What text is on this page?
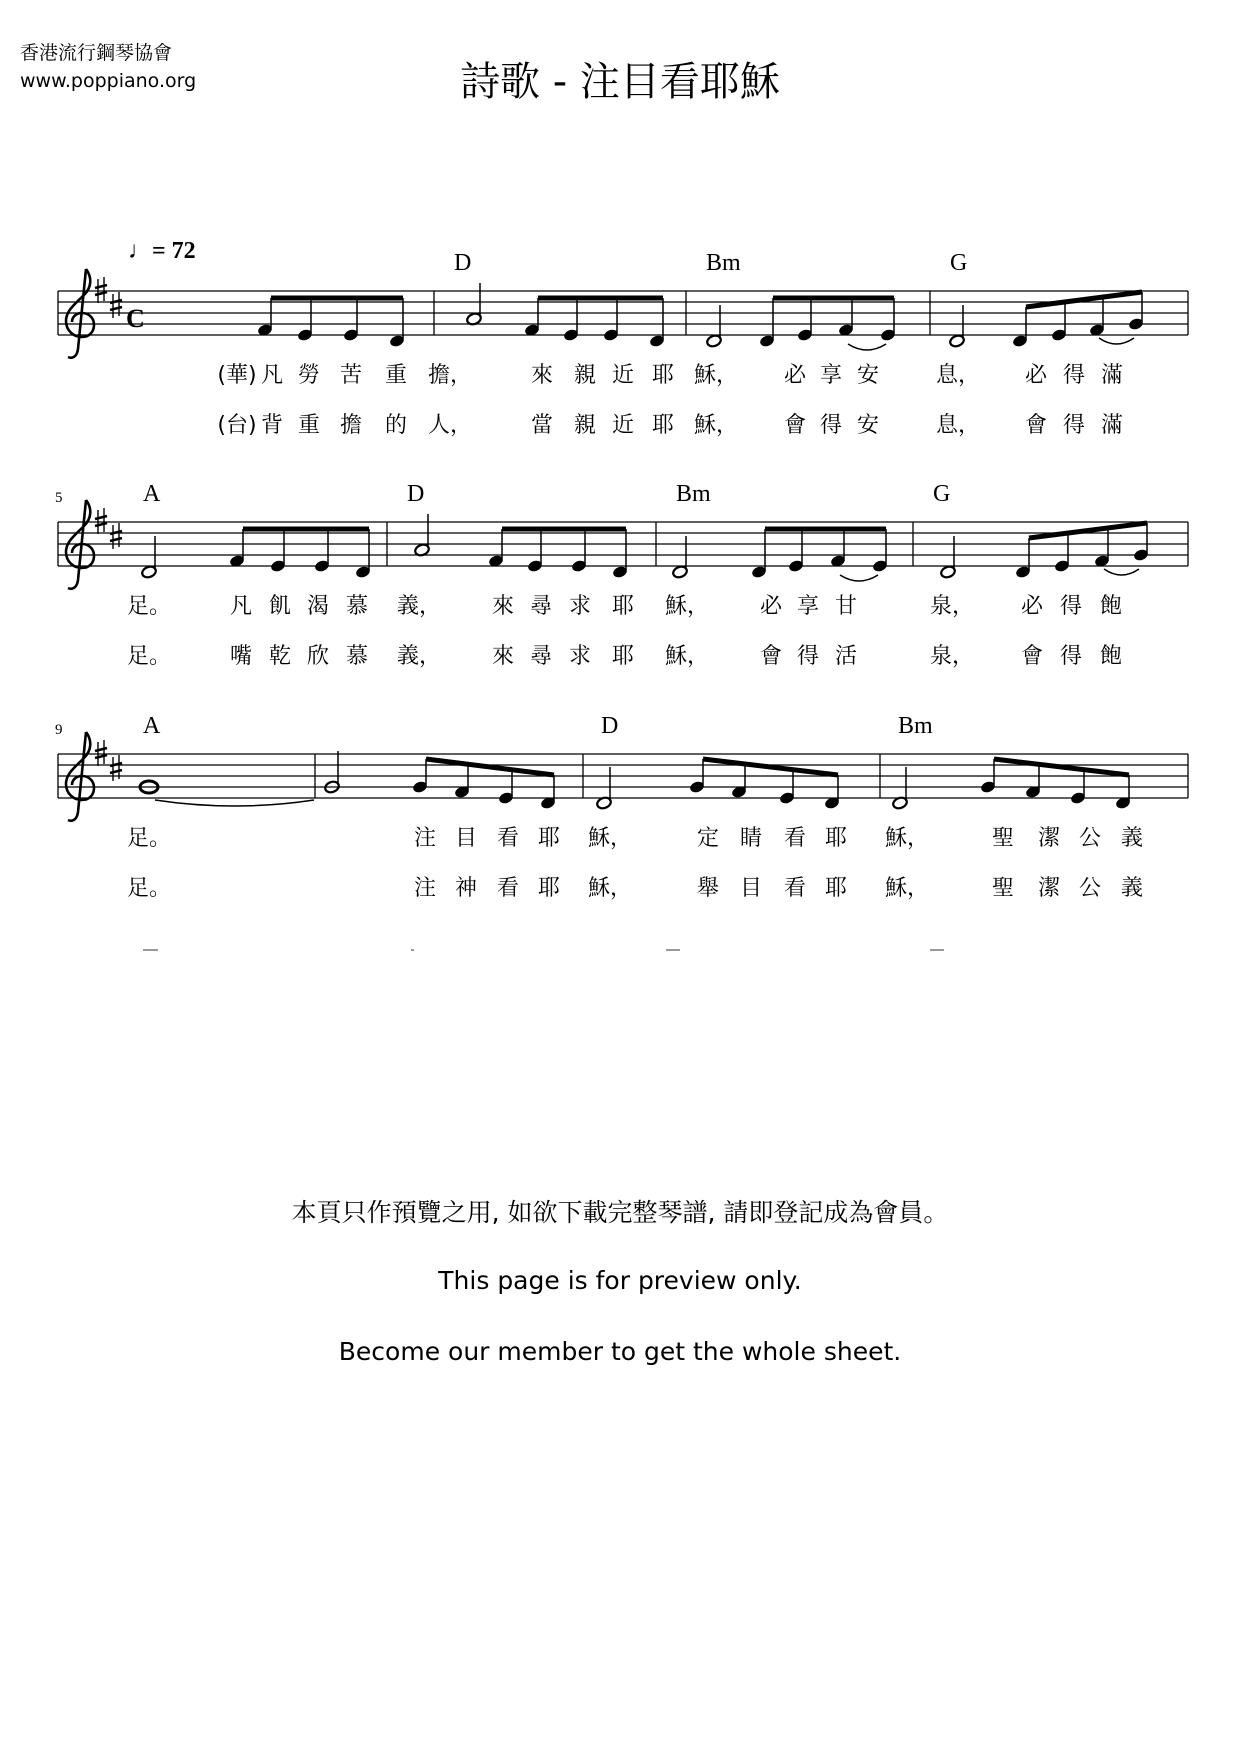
香港流行鋼琴協會
www.poppiano.org	詩歌 - 注目看耶穌
♩= 72
5
9
D	Bm	G
A	D	Bm	G
A	D	Bm
(華) 凡 勞 苦 重 擔，	來 親 近 耶 穌， 必 享 安	息， 必 得 滿
(台) 背 重 擔 的 人，	當 親 近 耶 穌， 會 得 安	息， 會 得 滿
足。	凡 飢 渴 慕 義， 來 尋 求 耶 穌， 必 享 甘	泉， 必 得 飽
足。	嘴 乾 欣 慕 義， 來 尋 求 耶 穌， 會 得 活	泉， 會 得 飽
足。	注 目 看 耶 穌，	定 睛 看 耶 穌，	聖 潔 公 義
足。	注 神 看 耶 穌，	舉 目 看 耶 穌，	聖 潔 公 義
C
本頁只作預覽之用, 如欲下載完整琴譜, 請即登記成為會員。
This page is for preview only.
Become our member to get the whole sheet.
